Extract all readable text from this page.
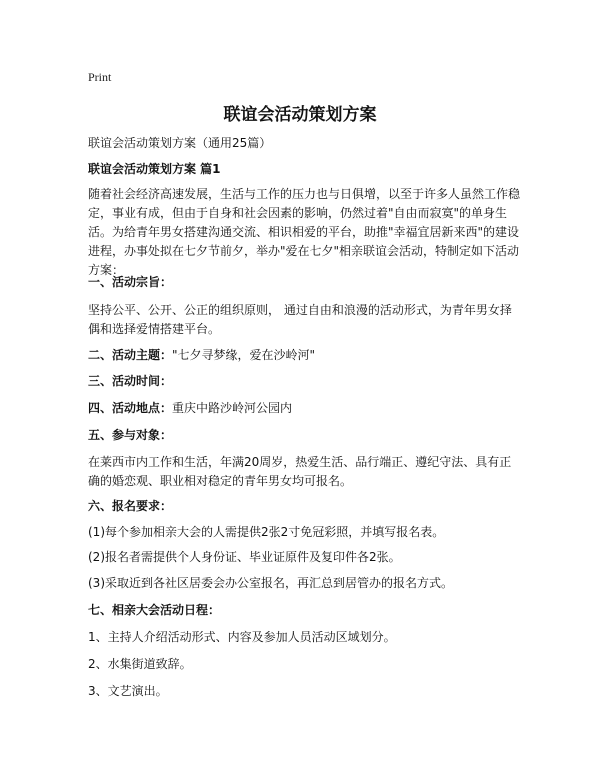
Print
联谊会活动策划方案
联谊会活动策划方案（通用25篇）
联谊会活动策划方案 篇1
随着社会经济高速发展，生活与工作的压力也与日俱增，以至于许多人虽然工作稳定，事业有成，但由于自身和社会因素的影响，仍然过着"自由而寂寞"的单身生活。为给青年男女搭建沟通交流、相识相爱的平台，助推"幸福宜居新来西"的建设进程，办事处拟在七夕节前夕，举办"爱在七夕"相亲联谊会活动，特制定如下活动方案：
一、活动宗旨：
坚持公平、公开、公正的组织原则， 通过自由和浪漫的活动形式，为青年男女择偶和选择爱情搭建平台。
二、活动主题："七夕寻梦缘，爱在沙岭河"
三、活动时间：
四、活动地点：重庆中路沙岭河公园内
五、参与对象：
在莱西市内工作和生活，年满20周岁，热爱生活、品行端正、遵纪守法、具有正确的婚恋观、职业相对稳定的青年男女均可报名。
六、报名要求：
(1)每个参加相亲大会的人需提供2张2寸免冠彩照，并填写报名表。
(2)报名者需提供个人身份证、毕业证原件及复印件各2张。
(3)采取近到各社区居委会办公室报名，再汇总到居管办的报名方式。
七、相亲大会活动日程：
1、主持人介绍活动形式、内容及参加人员活动区域划分。
2、水集街道致辞。
3、文艺演出。
